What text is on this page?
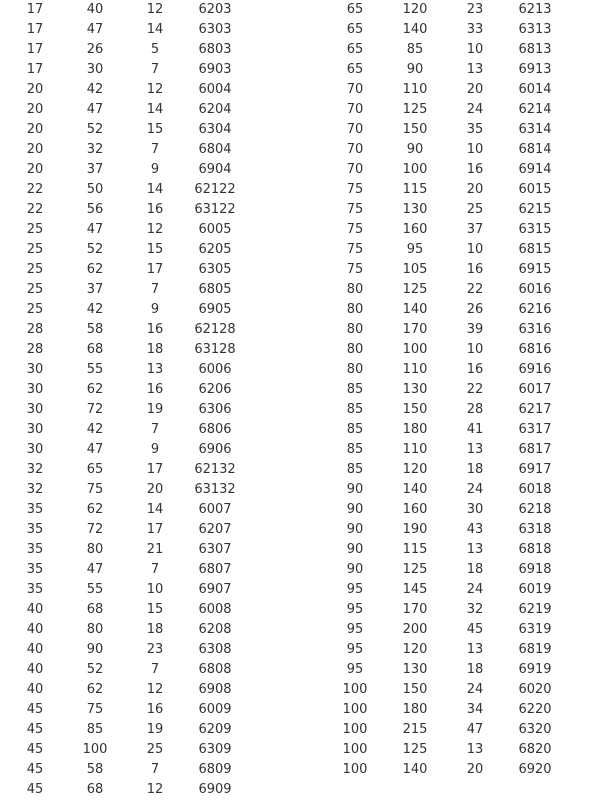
17	40	12	6203
17	47	14	6303
17	26	5	6803
17	30	7	6903
20	42	12	6004
20	47	14	6204
20	52	15	6304
20	32	7	6804
20	37	9	6904
22	50	14	62122
22	56	16	63122
25	47	12	6005
25	52	15	6205
25	62	17	6305
25	37	7	6805
25	42	9	6905
28	58	16	62128
28	68	18	63128
30	55	13	6006
30	62	16	6206
30	72	19	6306
30	42	7	6806
30	47	9	6906
32	65	17	62132
32	75	20	63132
35	62	14	6007
35	72	17	6207
35	80	21	6307
35	47	7	6807
35	55	10	6907
40	68	15	6008
40	80	18	6208
40	90	23	6308
40	52	7	6808
40	62	12	6908
45	75	16	6009
45	85	19	6209
45	100	25	6309
45	58	7	6809
45	68	12	6909
65	120	23	6213
65	140	33	6313
65	85	10	6813
65	90	13	6913
70	110	20	6014
70	125	24	6214
70	150	35	6314
70	90	10	6814
70	100	16	6914
75	115	20	6015
75	130	25	6215
75	160	37	6315
75	95	10	6815
75	105	16	6915
80	125	22	6016
80	140	26	6216
80	170	39	6316
80	100	10	6816
80	110	16	6916
85	130	22	6017
85	150	28	6217
85	180	41	6317
85	110	13	6817
85	120	18	6917
90	140	24	6018
90	160	30	6218
90	190	43	6318
90	115	13	6818
90	125	18	6918
95	145	24	6019
95	170	32	6219
95	200	45	6319
95	120	13	6819
95	130	18	6919
100	150	24	6020
100	180	34	6220
100	215	47	6320
100	125	13	6820
100	140	20	6920
